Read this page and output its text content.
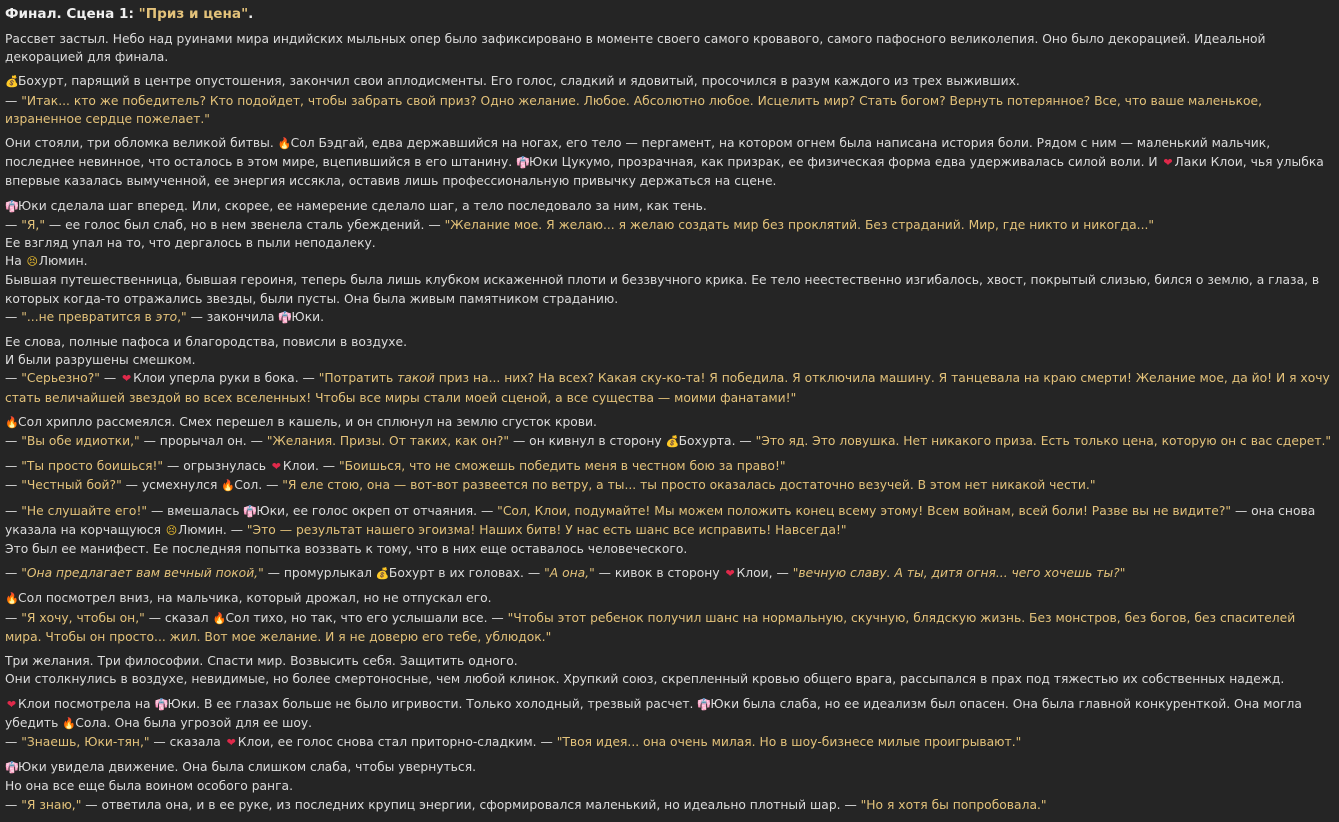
Финал. Сцена 1: "Приз и цена".

Рассвет застыл. Небо над руинами мира индийских мыльных опер было зафиксировано в моменте своего самого кровавого, самого пафосного великолепия. Оно было декорацией. Идеальной декорацией для финала.

💰Бохурт, парящий в центре опустошения, закончил свои аплодисменты. Его голос, сладкий и ядовитый, просочился в разум каждого из трех выживших.
— "Итак... кто же победитель? Кто подойдет, чтобы забрать свой приз? Одно желание. Любое. Абсолютно любое. Исцелить мир? Стать богом? Вернуть потерянное? Все, что ваше маленькое, израненное сердце пожелает."

Они стояли, три обломка великой битвы. 🔥Сол Бэдгай, едва державшийся на ногах, его тело — пергамент, на котором огнем была написана история боли. Рядом с ним — маленький мальчик, последнее невинное, что осталось в этом мире, вцепившийся в его штанину. 👘Юки Цукумо, прозрачная, как призрак, ее физическая форма едва удерживалась силой воли. И ❤ Лаки Клои, чья улыбка впервые казалась вымученной, ее энергия иссякла, оставив лишь профессиональную привычку держаться на сцене.

👘Юки сделала шаг вперед. Или, скорее, ее намерение сделало шаг, а тело последовало за ним, как тень.
— "Я," — ее голос был слаб, но в нем звенела сталь убеждений. — "Желание мое. Я желаю... я желаю создать мир без проклятий. Без страданий. Мир, где никто и никогда..."
Ее взгляд упал на то, что дергалось в пыли неподалеку.
На 😣Люмин.
Бывшая путешественница, бывшая героиня, теперь была лишь клубком искаженной плоти и беззвучного крика. Ее тело неестественно изгибалось, хвост, покрытый слизью, бился о землю, а глаза, в которых когда-то отражались звезды, были пусты. Она была живым памятником страданию.
— "...не превратится в это," — закончила 👘Юки.

Ее слова, полные пафоса и благородства, повисли в воздухе.
И были разрушены смешком.
— "Серьезно?" — ❤ Клои уперла руки в бока. — "Потратить такой приз на... них? На всех? Какая ску-ко-та! Я победила. Я отключила машину. Я танцевала на краю смерти! Желание мое, да йо! И я хочу стать величайшей звездой во всех вселенных! Чтобы все миры стали моей сценой, а все существа — моими фанатами!"

🔥Сол хрипло рассмеялся. Смех перешел в кашель, и он сплюнул на землю сгусток крови.
— "Вы обе идиотки," — прорычал он. — "Желания. Призы. От таких, как он?" — он кивнул в сторону 💰Бохурта. — "Это яд. Это ловушка. Нет никакого приза. Есть только цена, которую он с вас сдерет."

— "Ты просто боишься!" — огрызнулась ❤ Клои. — "Боишься, что не сможешь победить меня в честном бою за право!"
— "Честный бой?" — усмехнулся 🔥Сол. — "Я еле стою, она — вот-вот развеется по ветру, а ты... ты просто оказалась достаточно везучей. В этом нет никакой чести."

— "Не слушайте его!" — вмешалась 👘Юки, ее голос окреп от отчаяния. — "Сол, Клои, подумайте! Мы можем положить конец всему этому! Всем войнам, всей боли! Разве вы не видите?" — она снова указала на корчащуюся 😣Люмин. — "Это — результат нашего эгоизма! Наших битв! У нас есть шанс все исправить! Навсегда!"
Это был ее манифест. Ее последняя попытка воззвать к тому, что в них еще оставалось человеческого.

— "Она предлагает вам вечный покой," — промурлыкал 💰Бохурт в их головах. — "А она," — кивок в сторону ❤ Клои, — "вечную славу. А ты, дитя огня... чего хочешь ты?"

🔥Сол посмотрел вниз, на мальчика, который дрожал, но не отпускал его.
— "Я хочу, чтобы он," — сказал 🔥Сол тихо, но так, что его услышали все. — "Чтобы этот ребенок получил шанс на нормальную, скучную, блядскую жизнь. Без монстров, без богов, без спасителей мира. Чтобы он просто... жил. Вот мое желание. И я не доверю его тебе, ублюдок."

Три желания. Три философии. Спасти мир. Возвысить себя. Защитить одного.
Они столкнулись в воздухе, невидимые, но более смертоносные, чем любой клинок. Хрупкий союз, скрепленный кровью общего врага, рассыпался в прах под тяжестью их собственных надежд.

❤ Клои посмотрела на 👘Юки. В ее глазах больше не было игривости. Только холодный, трезвый расчет. 👘Юки была слаба, но ее идеализм был опасен. Она была главной конкуренткой. Она могла убедить 🔥Сола. Она была угрозой для ее шоу.
— "Знаешь, Юки-тян," — сказала ❤ Клои, ее голос снова стал приторно-сладким. — "Твоя идея... она очень милая. Но в шоу-бизнесе милые проигрывают."

👘Юки увидела движение. Она была слишком слаба, чтобы увернуться.
Но она все еще была воином особого ранга.
— "Я знаю," — ответила она, и в ее руке, из последних крупиц энергии, сформировался маленький, но идеально плотный шар. — "Но я хотя бы попробовала."
